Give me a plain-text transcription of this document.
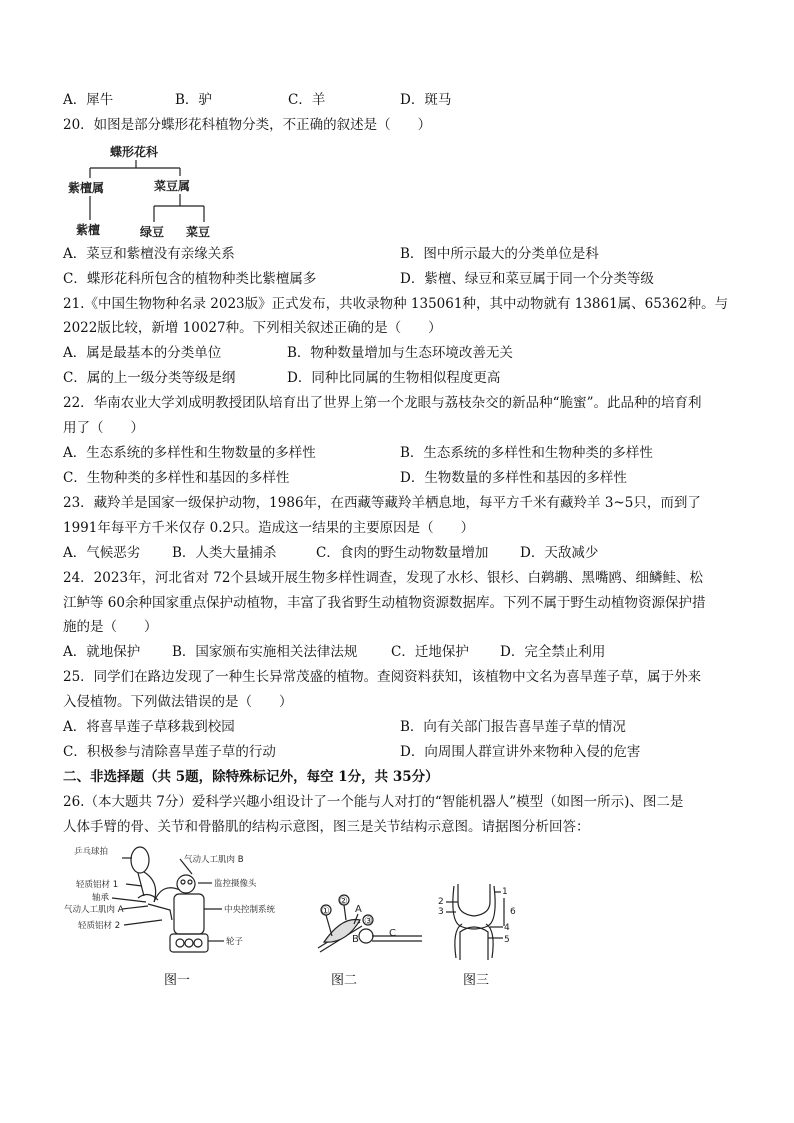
A．犀牛	B．驴	C．羊	D．斑马
20．如图是部分蝶形花科植物分类，不正确的叙述是（　　）
蝶形花科
紫檀属	菜豆属
紫檀	绿豆 菜豆
A．菜豆和紫檀没有亲缘关系	B．图中所示最大的分类单位是科
C．蝶形花科所包含的植物种类比紫檀属多	D．紫檀、绿豆和菜豆属于同一个分类等级
21.《中国生物物种名录 2023版》正式发布，共收录物种 135061种，其中动物就有 13861属、65362种。与
2022版比较，新增 10027种。下列相关叙述正确的是（　　）
A．属是最基本的分类单位	B．物种数量增加与生态环境改善无关
C．属的上一级分类等级是纲	D．同种比同属的生物相似程度更高
22．华南农业大学刘成明教授团队培育出了世界上第一个龙眼与荔枝杂交的新品种“脆蜜”。此品种的培育利
用了（　　）
A．生态系统的多样性和生物数量的多样性	B．生态系统的多样性和生物种类的多样性
C．生物种类的多样性和基因的多样性	D．生物数量的多样性和基因的多样性
23．藏羚羊是国家一级保护动物，1986年，在西藏等藏羚羊栖息地，每平方千米有藏羚羊 3~5只，而到了
1991年每平方千米仅存 0.2只。造成这一结果的主要原因是（　　）
A．气候恶劣 B．人类大量捕杀	C．食肉的野生动物数量增加 D．天敌减少
24．2023年，河北省对 72个县域开展生物多样性调查，发现了水杉、银杉、白鹈鹕、黑嘴鸥、细鳞鲑、松
江鲈等 60余种国家重点保护动植物，丰富了我省野生动植物资源数据库。下列不属于野生动植物资源保护措
施的是（　　）
A．就地保护 B．国家颁布实施相关法律法规 C．迁地保护 D．完全禁止利用
25．同学们在路边发现了一种生长异常茂盛的植物。查阅资料获知，该植物中文名为喜旱莲子草，属于外来
入侵植物。下列做法错误的是（　　）
A．将喜旱莲子草移栽到校园	B．向有关部门报告喜旱莲子草的情况
C．积极参与清除喜旱莲子草的行动	D．向周围人群宣讲外来物种入侵的危害
二、非选择题（共 5题，除特殊标记外，每空 1分，共 35分）
26.（本大题共 7分）爱科学兴趣小组设计了一个能与人对打的“智能机器人”模型（如图一所示)、图二是
人体手臂的骨、关节和骨骼肌的结构示意图，图三是关节结构示意图。请据图分析回答：
乒乓球拍
气动人工肌肉 B
监控摄像头
轻质铝材 1
轴承
气动人工肌肉 A	中央控制系统
轻质铝材 2
轮子
①
②
③
A
B
C
1
2
3
4
5
6
图一	图二	图三
